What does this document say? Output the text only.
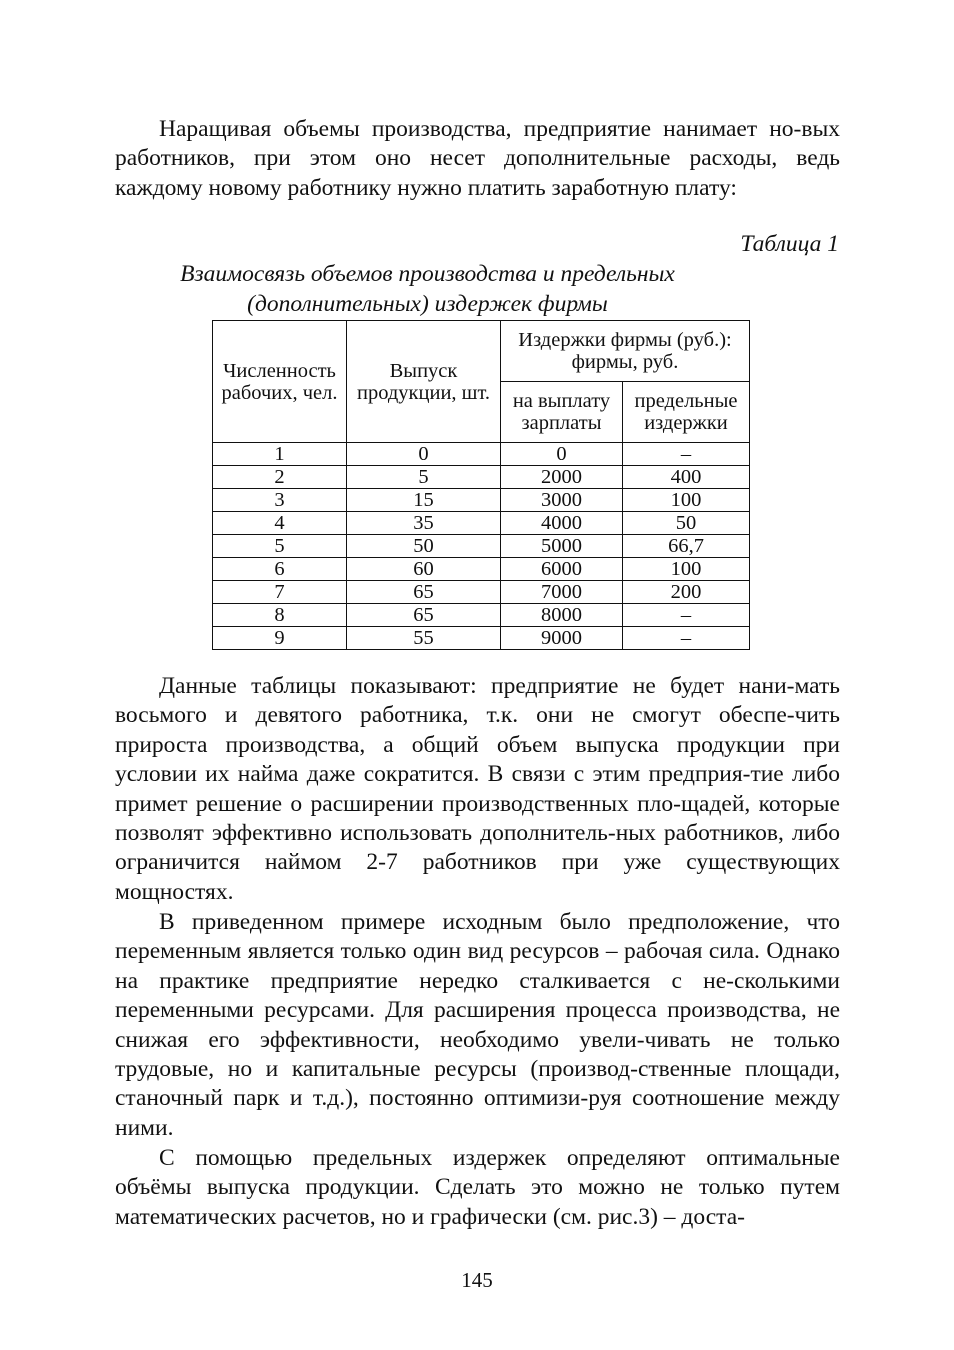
Наращивая объемы производства, предприятие нанимает но-вых работников, при этом оно несет дополнительные расходы, ведь каждому новому работнику нужно платить заработную плату:

Таблица 1
Взаимосвязь объемов производства и предельных
(дополнительных) издержек фирмы
Численность рабочих, чел.	Выпуск продукции, шт.	Издержки фирмы (руб.): фирмы, руб.	
		на выплату зарплаты	предельные издержки
1	0	0	–
2	5	2000	400
3	15	3000	100
4	35	4000	50
5	50	5000	66,7
6	60	6000	100
7	65	7000	200
8	65	8000	–
9	55	9000	–

Данные таблицы показывают: предприятие не будет нани-мать восьмого и девятого работника, т.к. они не смогут обеспе-чить прироста производства, а общий объем выпуска продукции при условии их найма даже сократится. В связи с этим предприя-тие либо примет решение о расширении производственных пло-щадей, которые позволят эффективно использовать дополнитель-ных работников, либо ограничится наймом 2-7 работников при уже существующих мощностях.

В приведенном примере исходным было предположение, что переменным является только один вид ресурсов – рабочая сила. Однако на практике предприятие нередко сталкивается с не-сколькими переменными ресурсами. Для расширения процесса производства, не снижая его эффективности, необходимо увели-чивать не только трудовые, но и капитальные ресурсы (производ-ственные площади, станочный парк и т.д.), постоянно оптимизи-руя соотношение между ними.

С помощью предельных издержек определяют оптимальные объёмы выпуска продукции. Сделать это можно не только путем математических расчетов, но и графически (см. рис.3) – доста-

145
